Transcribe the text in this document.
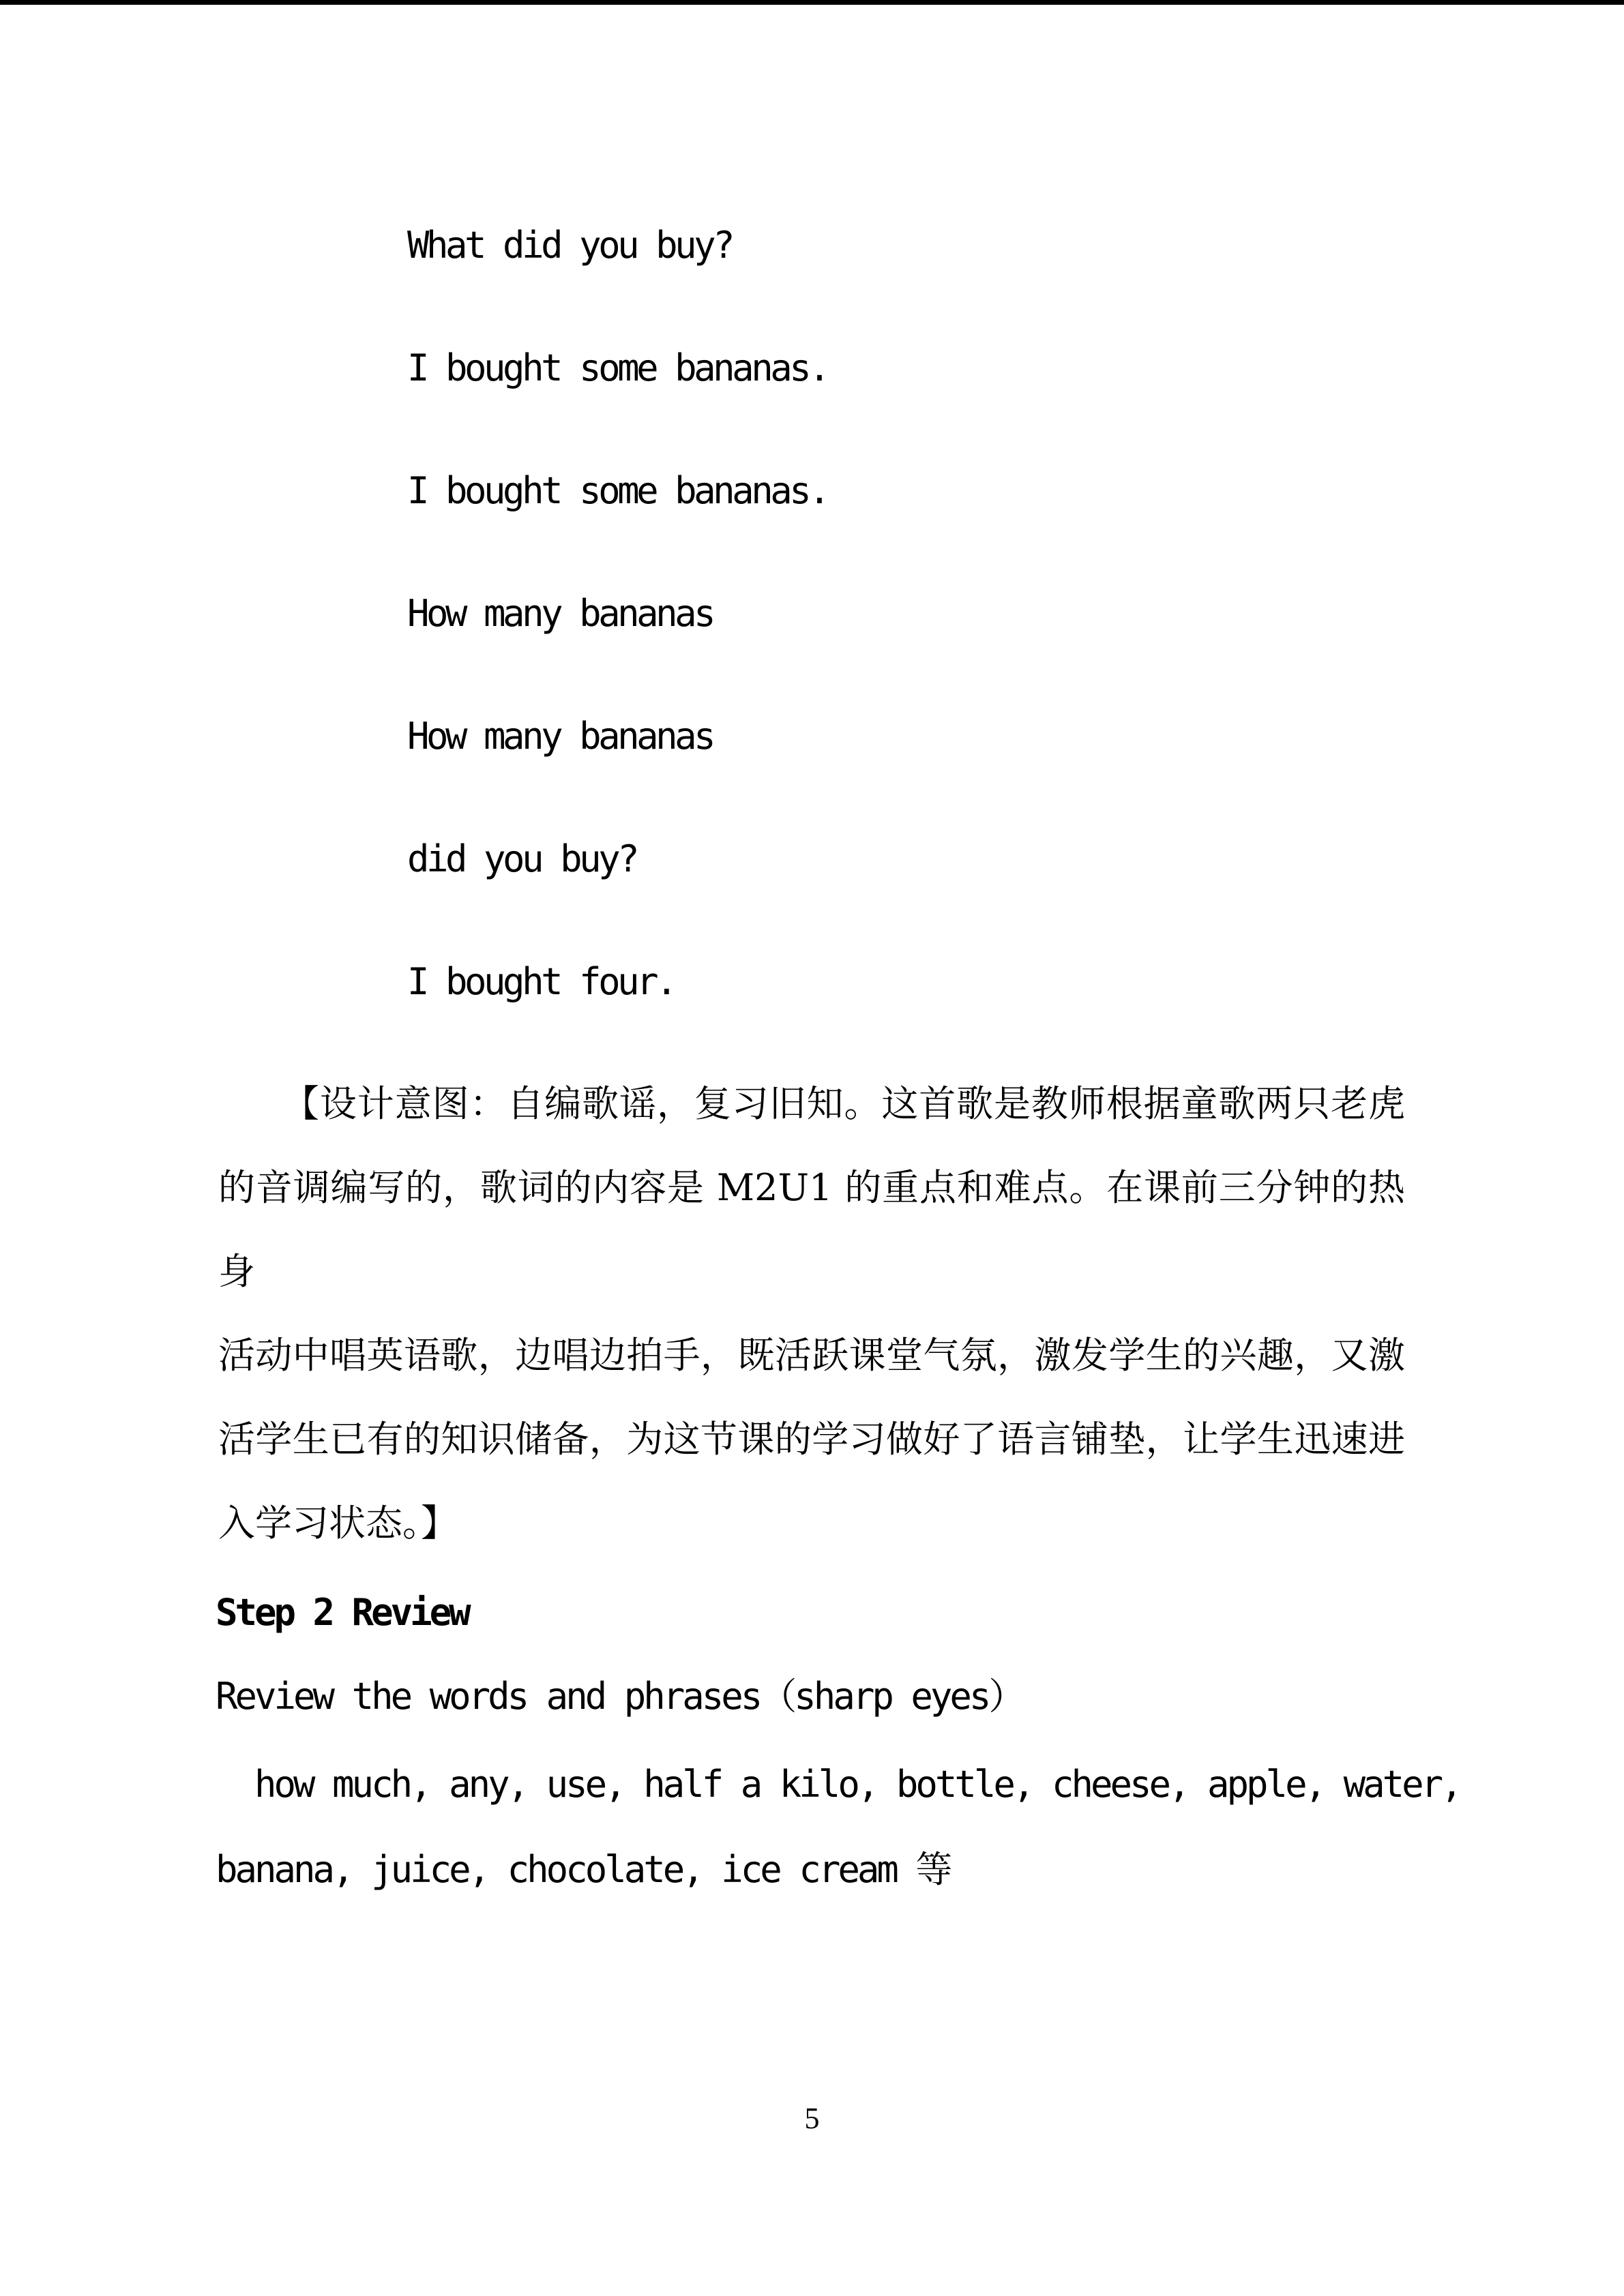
What did you buy?
I bought some bananas.
I bought some bananas.
How many bananas
How many bananas
did you buy?
I bought four.
【设计意图：自编歌谣，复习旧知。这首歌是教师根据童歌两只老虎
的音调编写的，歌词的内容是 M2U1 的重点和难点。在课前三分钟的热身
活动中唱英语歌，边唱边拍手，既活跃课堂气氛，激发学生的兴趣，又激
活学生已有的知识储备，为这节课的学习做好了语言铺垫，让学生迅速进
入学习状态。】
Step 2 Review
Review the words and phrases（sharp eyes）
how much, any, use, half a kilo, bottle, cheese, apple, water,
banana, juice, chocolate, ice cream 等
5
